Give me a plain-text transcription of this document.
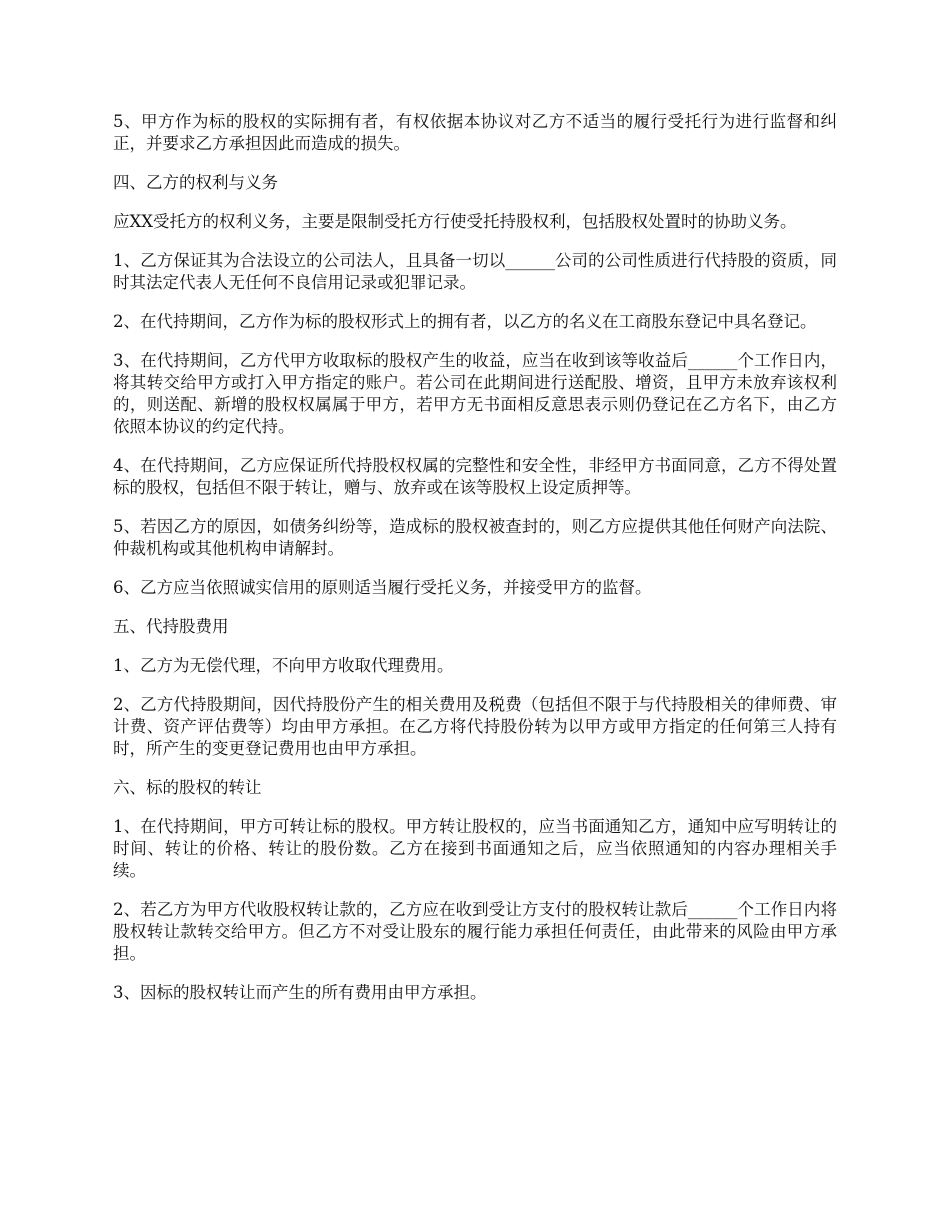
5、甲方作为标的股权的实际拥有者，有权依据本协议对乙方不适当的履行受托行为进行监督和纠正，并要求乙方承担因此而造成的损失。

四、乙方的权利与义务

应XX受托方的权利义务，主要是限制受托方行使受托持股权利，包括股权处置时的协助义务。

1、乙方保证其为合法设立的公司法人，且具备一切以______公司的公司性质进行代持股的资质，同时其法定代表人无任何不良信用记录或犯罪记录。

2、在代持期间，乙方作为标的股权形式上的拥有者，以乙方的名义在工商股东登记中具名登记。

3、在代持期间，乙方代甲方收取标的股权产生的收益，应当在收到该等收益后______个工作日内，将其转交给甲方或打入甲方指定的账户。若公司在此期间进行送配股、增资，且甲方未放弃该权利的，则送配、新增的股权权属属于甲方，若甲方无书面相反意思表示则仍登记在乙方名下，由乙方依照本协议的约定代持。

4、在代持期间，乙方应保证所代持股权权属的完整性和安全性，非经甲方书面同意，乙方不得处置标的股权，包括但不限于转让，赠与、放弃或在该等股权上设定质押等。

5、若因乙方的原因，如债务纠纷等，造成标的股权被查封的，则乙方应提供其他任何财产向法院、仲裁机构或其他机构申请解封。

6、乙方应当依照诚实信用的原则适当履行受托义务，并接受甲方的监督。

五、代持股费用

1、乙方为无偿代理，不向甲方收取代理费用。

2、乙方代持股期间，因代持股份产生的相关费用及税费（包括但不限于与代持股相关的律师费、审计费、资产评估费等）均由甲方承担。在乙方将代持股份转为以甲方或甲方指定的任何第三人持有时，所产生的变更登记费用也由甲方承担。

六、标的股权的转让

1、在代持期间，甲方可转让标的股权。甲方转让股权的，应当书面通知乙方，通知中应写明转让的时间、转让的价格、转让的股份数。乙方在接到书面通知之后，应当依照通知的内容办理相关手续。

2、若乙方为甲方代收股权转让款的，乙方应在收到受让方支付的股权转让款后______个工作日内将股权转让款转交给甲方。但乙方不对受让股东的履行能力承担任何责任，由此带来的风险由甲方承担。

3、因标的股权转让而产生的所有费用由甲方承担。
